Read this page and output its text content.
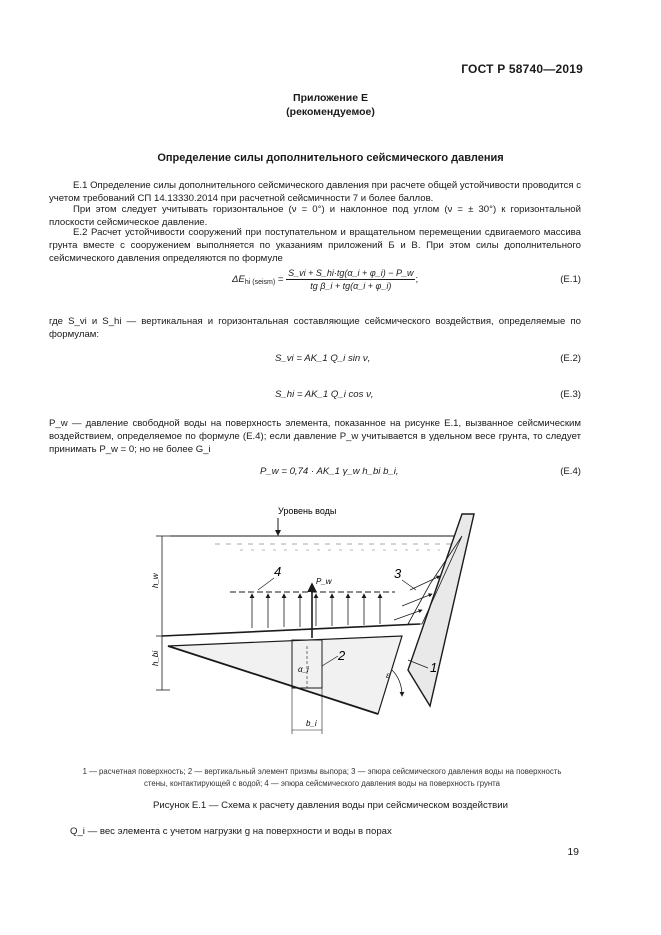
ГОСТ Р 58740—2019
Приложение Е
(рекомендуемое)
Определение силы дополнительного сейсмического давления
Е.1 Определение силы дополнительного сейсмического давления при расчете общей устойчивости проводится с учетом требований СП 14.13330.2014 при расчетной сейсмичности 7 и более баллов.
При этом следует учитывать горизонтальное (ν = 0°) и наклонное под углом (ν = ± 30°) к горизонтальной плоскости сейсмическое давление.
Е.2 Расчет устойчивости сооружений при поступательном и вращательном перемещении сдвигаемого массива грунта вместе с сооружением выполняется по указаниям приложений Б и В. При этом силы дополнительного сейсмического давления определяются по формуле
$\Delta E_{hi (seism)} = \frac{S\_vi + S\_hi\cdot tg(\alpha\_i + \varphi\_i) - P\_w}{\text{tg β\_i + tg(α\_i + φ\_i)}}$ ;	(Е.1)
где S_vi и S_hi — вертикальная и горизонтальная составляющие сейсмического воздействия, определяемые по формулам:
S_vi = AK_1 Q_i sin ν,	(Е.2)
S_hi = AK_1 Q_i cos ν,	(Е.3)
P_w — давление свободной воды на поверхность элемента, показанное на рисунке Е.1, вызванное сейсмическим воздействием, определяемое по формуле (Е.4); если давление P_w учитывается в удельном весе грунта, то следует принимать P_w = 0; но не более G_i
P_w = 0,74 · AK_1 γ_w h_bi b_i,	(Е.4)
Уровень воды
h_w
h_bi
P_w
α_i
b_i
ε	1
2
3
4
1 — расчетная поверхность; 2 — вертикальный элемент призмы выпора; 3 — эпюра сейсмического давления воды на поверхность стены, контактирующей с водой; 4 — эпюра сейсмического давления воды на поверхность грунта
Рисунок Е.1 — Схема к расчету давления воды при сейсмическом воздействии
Q_i — вес элемента с учетом нагрузки g на поверхности и воды в порах
19
